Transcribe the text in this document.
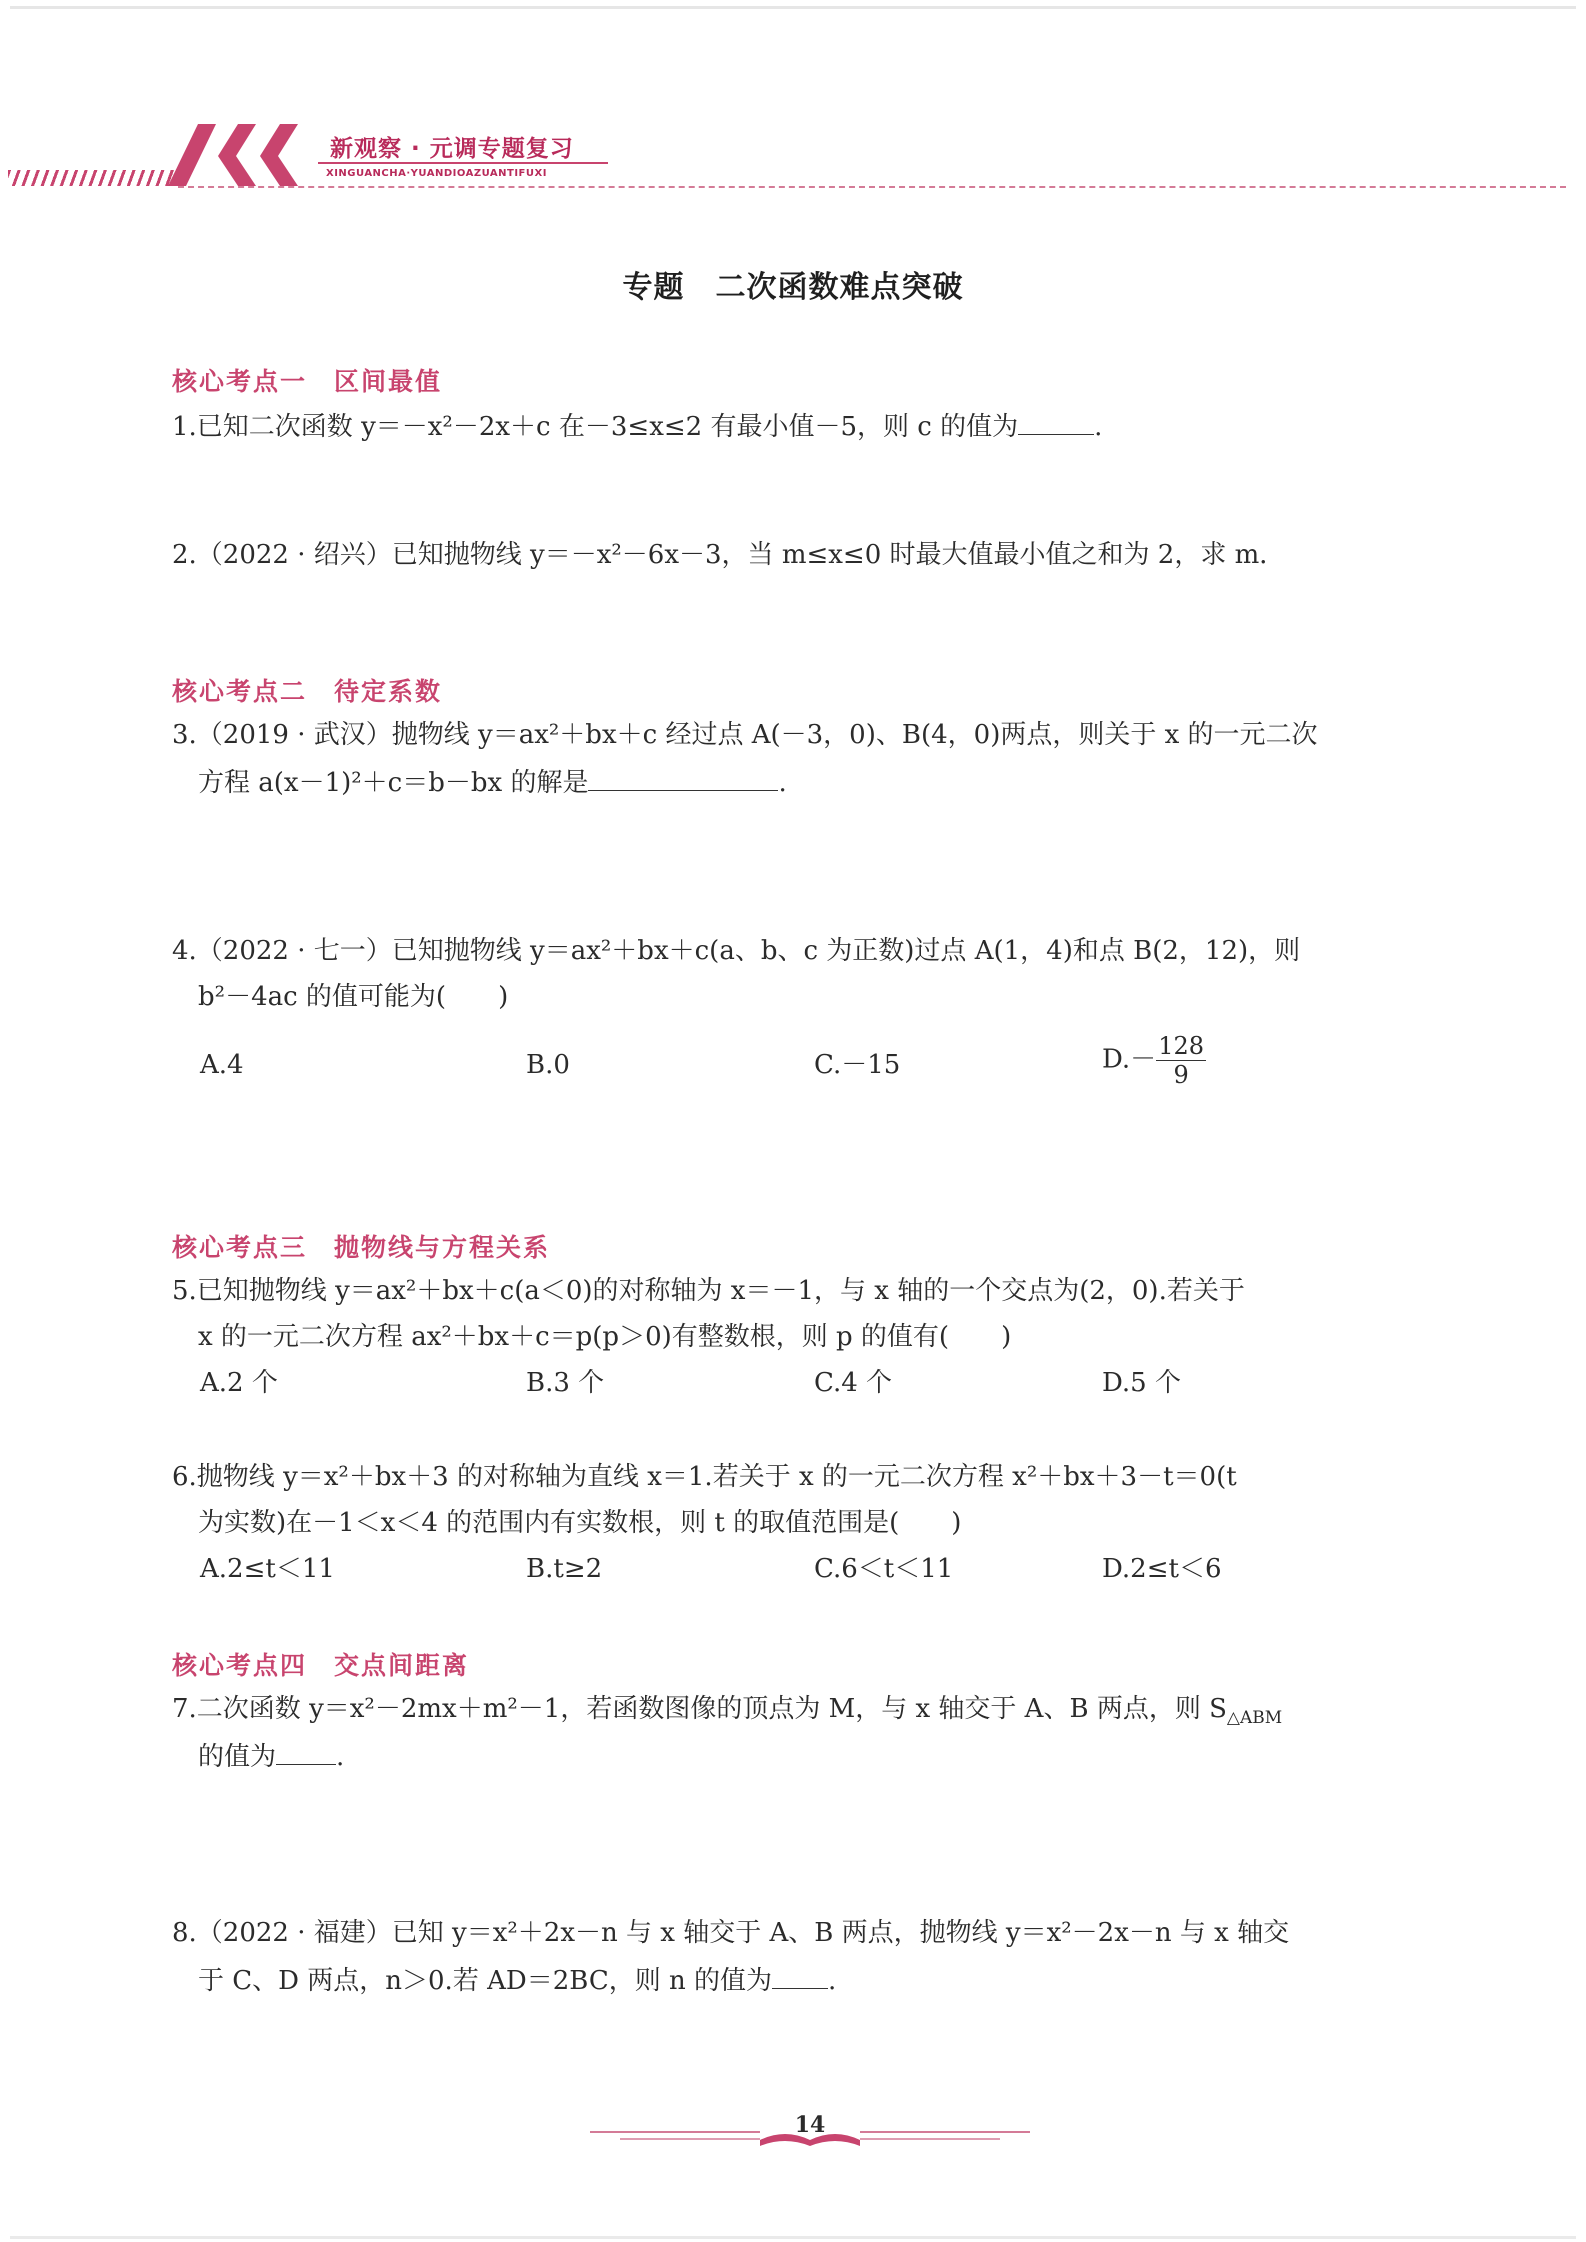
新观察 · 元调专题复习
XINGUANCHA·YUANDIOAZUANTIFUXI
专题　二次函数难点突破
核心考点一　区间最值
1.已知二次函数 y＝－x²－2x＋c 在－3≤x≤2 有最小值－5，则 c 的值为	.
2.（2022 · 绍兴）已知抛物线 y＝－x²－6x－3，当 m≤x≤0 时最大值最小值之和为 2，求 m．
核心考点二　待定系数
3.（2019 · 武汉）抛物线 y＝ax²＋bx＋c 经过点 A(－3，0)、B(4，0)两点，则关于 x 的一元二次
方程 a(x－1)²＋c＝b－bx 的解是	.
4.（2022 · 七一）已知抛物线 y＝ax²＋bx＋c(a、b、c 为正数)过点 A(1，4)和点 B(2，12)，则
b²－4ac 的值可能为(　　)
A.4	B.0	C.－15	$D.- \frac{128}{9}$
核心考点三　抛物线与方程关系
5.已知抛物线 y＝ax²＋bx＋c(a＜0)的对称轴为 x＝－1，与 x 轴的一个交点为(2，0).若关于
x 的一元二次方程 ax²＋bx＋c＝p(p＞0)有整数根，则 p 的值有(　　)
A.2 个	B.3 个	C.4 个	D.5 个
6.抛物线 y＝x²＋bx＋3 的对称轴为直线 x＝1.若关于 x 的一元二次方程 x²＋bx＋3－t＝0(t
为实数)在－1＜x＜4 的范围内有实数根，则 t 的取值范围是(　　)
A.2≤t＜11	B.t≥2	C.6＜t＜11	D.2≤t＜6
核心考点四　交点间距离
7.二次函数 y＝x²－2mx＋m²－1，若函数图像的顶点为 M，与 x 轴交于 A、B 两点，则 $S_{\triangle ABM}$
的值为 .
8.（2022 · 福建）已知 y＝x²＋2x－n 与 x 轴交于 A、B 两点，抛物线 y＝x²－2x－n 与 x 轴交
于 C、D 两点，n＞0.若 AD＝2BC，则 n 的值为 .
14
